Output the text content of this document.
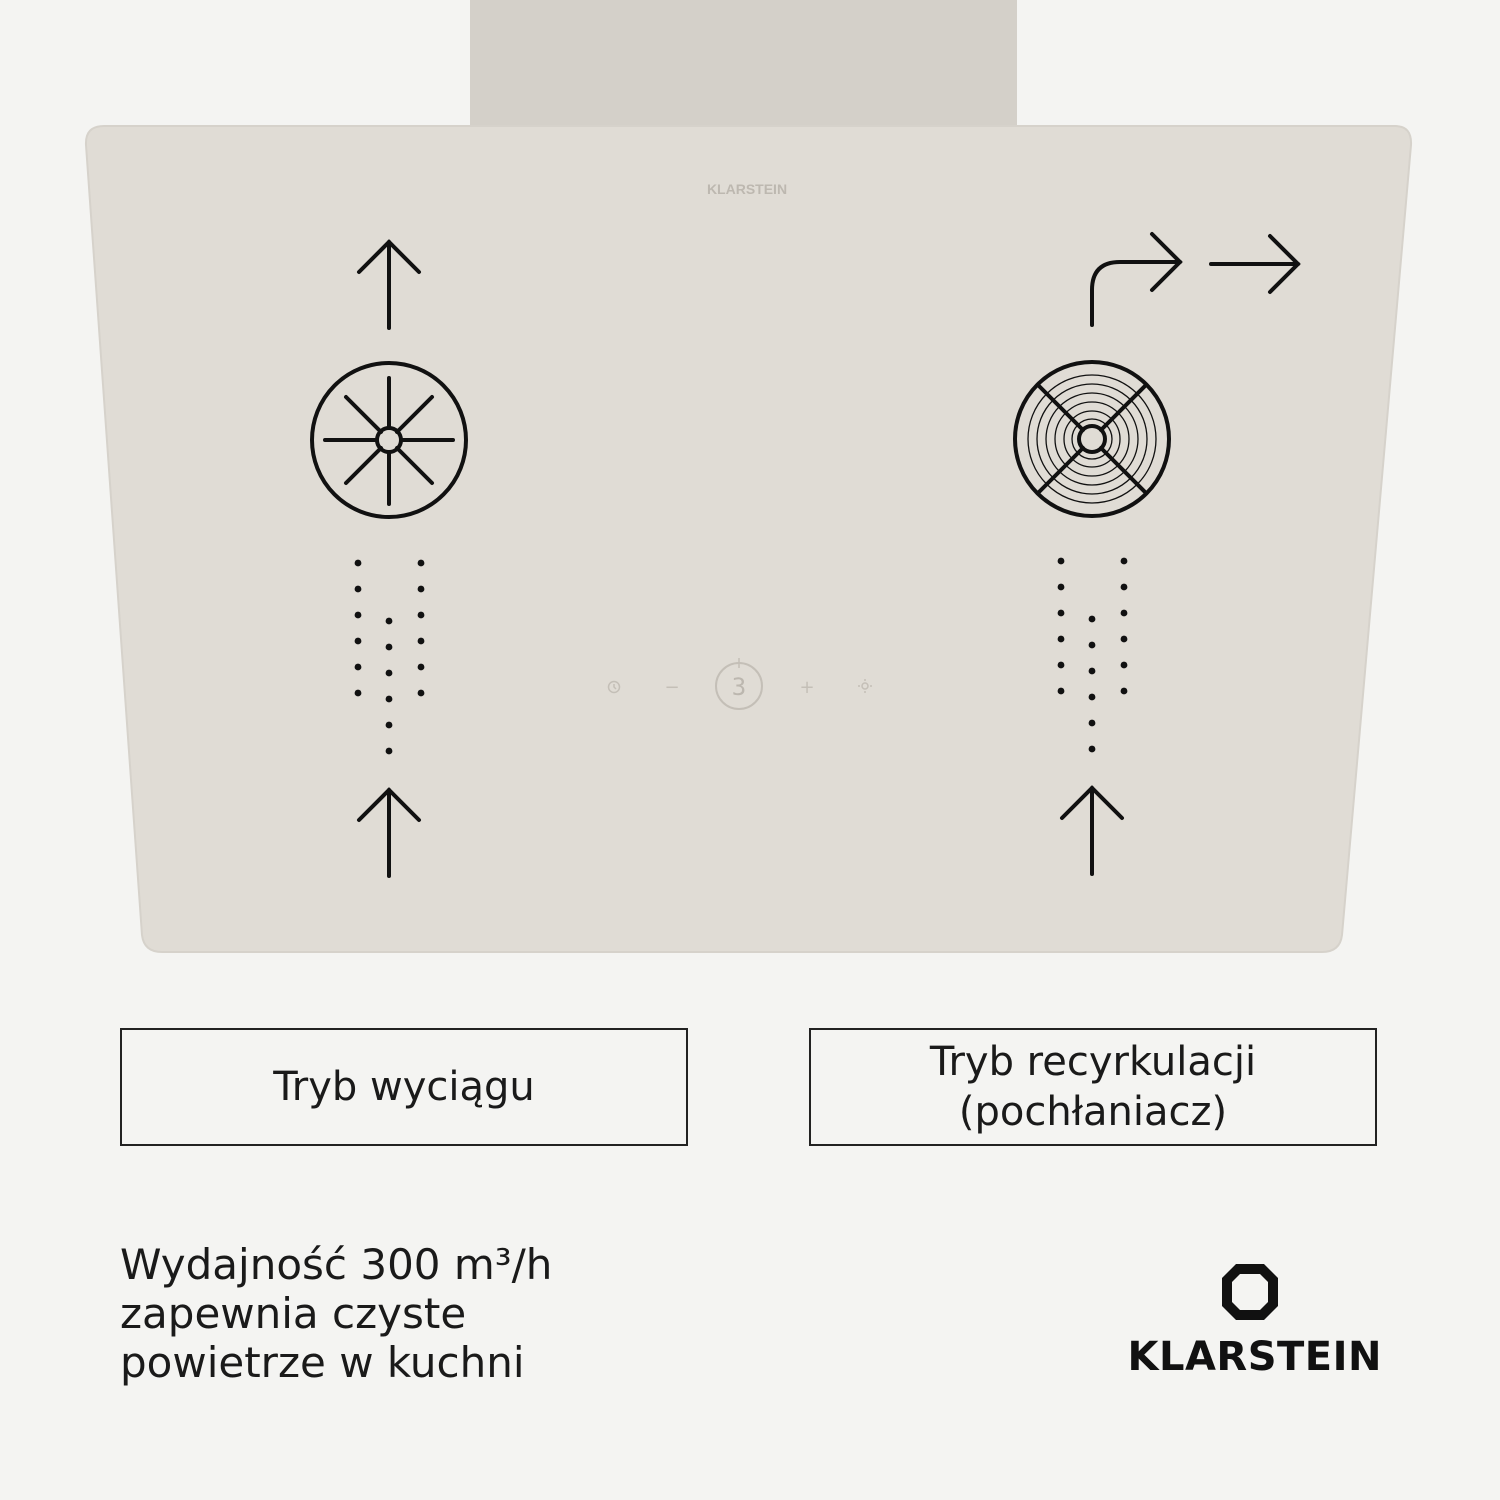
KLARSTEIN
− 3	+
Tryb wyciągu
Tryb recyrkulacji
(pochłaniacz)
Wydajność 300 m³/h
zapewnia czyste
powietrze w kuchni	KLARSTEIN
